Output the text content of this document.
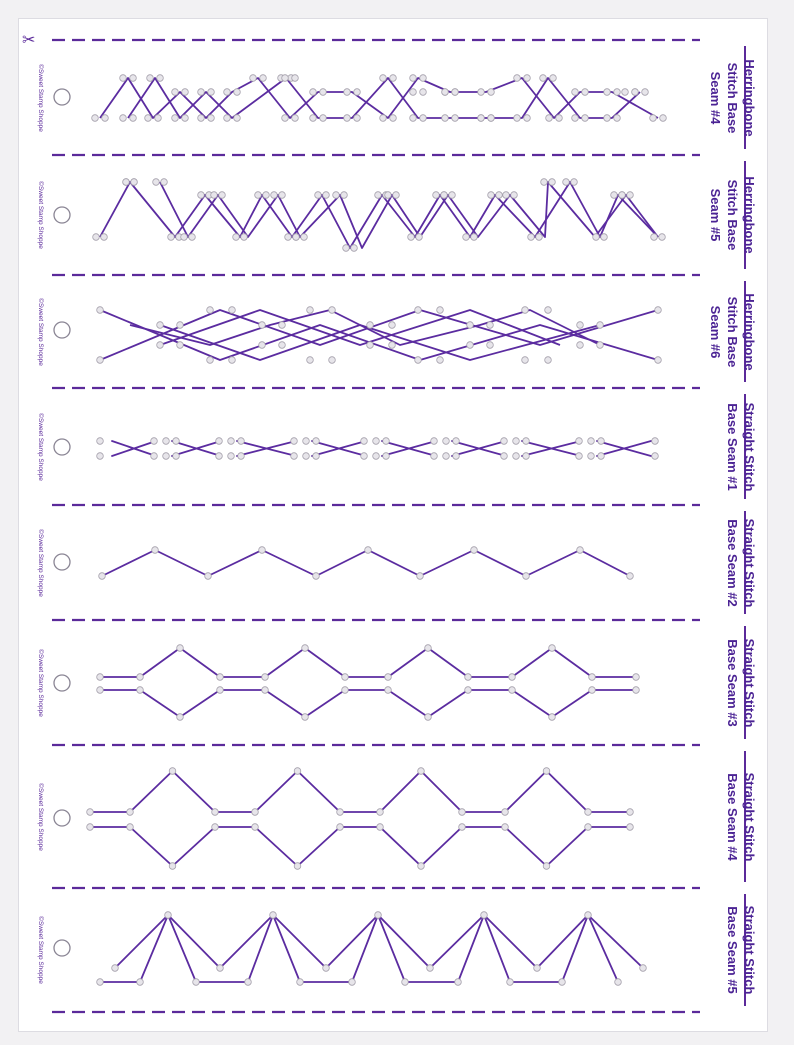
✂
Herringbone
Stitch Base
Seam #4
©Sweet Stamp Shoppe
Herringbone
Stitch Base
Seam #5
©Sweet Stamp Shoppe
Herringbone
Stitch Base
Seam #6
©Sweet Stamp Shoppe
Straight Stitch
Base Seam #1
©Sweet Stamp Shoppe
Straight Stitch
Base Seam #2
©Sweet Stamp Shoppe
Straight Stitch
Base Seam #3
©Sweet Stamp Shoppe
Straight Stitch
Base Seam #4
©Sweet Stamp Shoppe
Straight Stitch
Base Seam #5
©Sweet Stamp Shoppe
